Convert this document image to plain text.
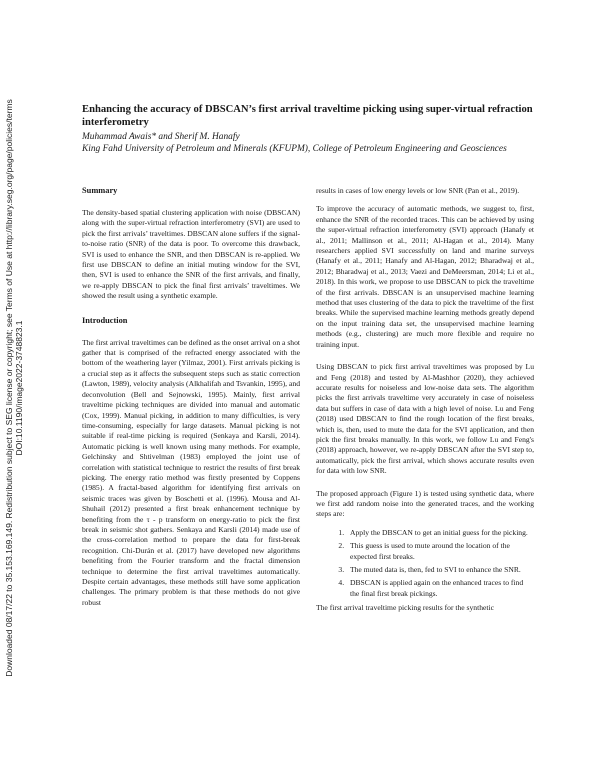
Downloaded 08/17/22 to 35.153.169.149. Redistribution subject to SEG license or copyright; see Terms of Use at http://library.seg.org/page/policies/terms DOI:10.1190/image2022-3748823.1
Enhancing the accuracy of DBSCAN’s first arrival traveltime picking using super-virtual refraction interferometry

Muhammad Awais* and Sherif M. Hanafy

King Fahd University of Petroleum and Minerals (KFUPM), College of Petroleum Engineering and Geosciences

Summary

The density-based spatial clustering application with noise (DBSCAN) along with the super-virtual refraction interferometry (SVI) are used to pick the first arrivals’ traveltimes. DBSCAN alone suffers if the signal-to-noise ratio (SNR) of the data is poor. To overcome this drawback, SVI is used to enhance the SNR, and then DBSCAN is re-applied. We first use DBSCAN to define an initial muting window for the SVI, then, SVI is used to enhance the SNR of the first arrivals, and finally, we re-apply DBSCAN to pick the final first arrivals’ traveltimes. We showed the result using a synthetic example.

Introduction

The first arrival traveltimes can be defined as the onset arrival on a shot gather that is comprised of the refracted energy associated with the bottom of the weathering layer (Yilmaz, 2001). First arrivals picking is a crucial step as it affects the subsequent steps such as static correction (Lawton, 1989), velocity analysis (Alkhalifah and Tsvankin, 1995), and deconvolution (Bell and Sejnowski, 1995). Mainly, first arrival traveltime picking techniques are divided into manual and automatic (Cox, 1999). Manual picking, in addition to many difficulties, is very time-consuming, especially for large datasets. Manual picking is not suitable if real-time picking is required (Senkaya and Karsli, 2014). Automatic picking is well known using many methods. For example, Gelchinsky and Shtivelman (1983) employed the joint use of correlation with statistical technique to restrict the results of first break picking. The energy ratio method was firstly presented by Coppens (1985). A fractal-based algorithm for identifying first arrivals on seismic traces was given by Boschetti et al. (1996). Mousa and Al-Shuhail (2012) presented a first break enhancement technique by benefiting from the τ - p transform on energy-ratio to pick the first break in seismic shot gathers. Senkaya and Karsli (2014) made use of the cross-correlation method to prepare the data for first-break recognition. Chi-Durán et al. (2017) have developed new algorithms benefiting from the Fourier transform and the fractal dimension technique to determine the first arrival traveltimes automatically. Despite certain advantages, these methods still have some application challenges. The primary problem is that these methods do not give robust

results in cases of low energy levels or low SNR (Pan et al., 2019).

To improve the accuracy of automatic methods, we suggest to, first, enhance the SNR of the recorded traces. This can be achieved by using the super-virtual refraction interferometry (SVI) approach (Hanafy et al., 2011; Mallinson et al., 2011; Al-Hagan et al., 2014). Many researchers applied SVI successfully on land and marine surveys (Hanafy et al., 2011; Hanafy and Al-Hagan, 2012; Bharadwaj et al., 2012; Bharadwaj et al., 2013; Vaezi and DeMeersman, 2014; Li et al., 2018). In this work, we propose to use DBSCAN to pick the traveltime of the first arrivals. DBSCAN is an unsupervised machine learning method that uses clustering of the data to pick the traveltime of the first breaks. While the supervised machine learning methods greatly depend on the input training data set, the unsupervised machine learning methods (e.g., clustering) are much more flexible and require no training input.

Using DBSCAN to pick first arrival traveltimes was proposed by Lu and Feng (2018) and tested by Al-Mashhor (2020), they achieved accurate results for noiseless and low-noise data sets. The algorithm picks the first arrivals traveltime very accurately in case of noiseless data but suffers in case of data with a high level of noise. Lu and Feng (2018) used DBSCAN to find the rough location of the first breaks, which is, then, used to mute the data for the SVI application, and then pick the first breaks manually. In this work, we follow Lu and Feng's (2018) approach, however, we re-apply DBSCAN after the SVI step to, automatically, pick the first arrival, which shows accurate results even for data with low SNR.

The proposed approach (Figure 1) is tested using synthetic data, where we first add random noise into the generated traces, and the working steps are:

1. Apply the DBSCAN to get an initial guess for the picking.
2. This guess is used to mute around the location of the expected first breaks.
3. The muted data is, then, fed to SVI to enhance the SNR.
4. DBSCAN is applied again on the enhanced traces to find the final first break pickings.

The first arrival traveltime picking results for the synthetic
